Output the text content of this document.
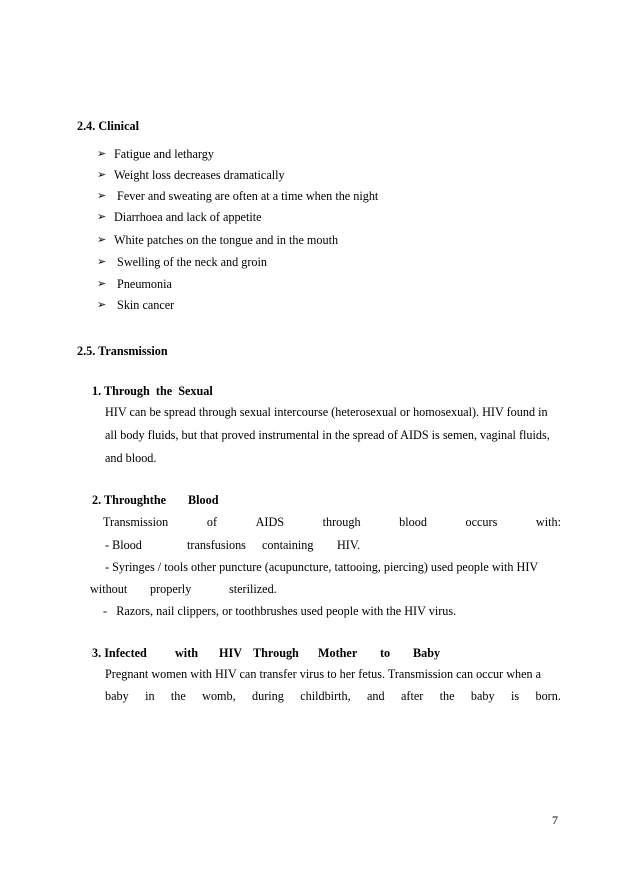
2.4. Clinical
➢ Fatigue and lethargy
➢ Weight loss decreases dramatically
➢ Fever and sweating are often at a time when the night
➢ Diarrhoea and lack of appetite
➢ White patches on the tongue and in the mouth
➢ Swelling of the neck and groin
➢ Pneumonia
➢ Skin cancer
2.5. Transmission
1. Through  the  Sexual
HIV can be spread through sexual intercourse (heterosexual or homosexual). HIV found in
all body fluids, but that proved instrumental in the spread of AIDS is semen, vaginal fluids,
and blood.
2. Throughthe Blood
Transmission	of	AIDS	through	blood	occurs	with:
- Blood	transfusions containing HIV.
- Syringes / tools other puncture (acupuncture, tattooing, piercing) used people with HIV
without properly	sterilized.
-   Razors, nail clippers, or toothbrushes used people with the HIV virus.
3. Infected with HIV Through Mother to Baby
Pregnant women with HIV can transfer virus to her fetus. Transmission can occur when a
baby in the womb, during childbirth, and after the baby is born.
7
